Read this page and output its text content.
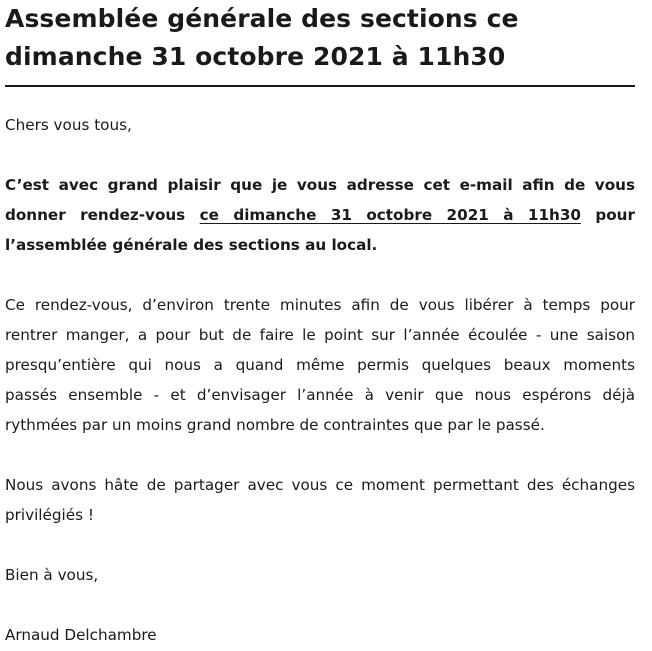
Assemblée générale des sections ce
dimanche 31 octobre 2021 à 11h30

Chers vous tous,

C’est avec grand plaisir que je vous adresse cet e-mail afin de vous
donner rendez-vous ce dimanche 31 octobre 2021 à 11h30 pour
l’assemblée générale des sections au local.
Ce rendez-vous, d’environ trente minutes afin de vous libérer à temps pour
rentrer manger, a pour but de faire le point sur l’année écoulée - une saison
presqu’entière qui nous a quand même permis quelques beaux moments
passés ensemble - et d’envisager l’année à venir que nous espérons déjà
rythmées par un moins grand nombre de contraintes que par le passé.
Nous avons hâte de partager avec vous ce moment permettant des échanges
privilégiés !

Bien à vous,

Arnaud Delchambre
